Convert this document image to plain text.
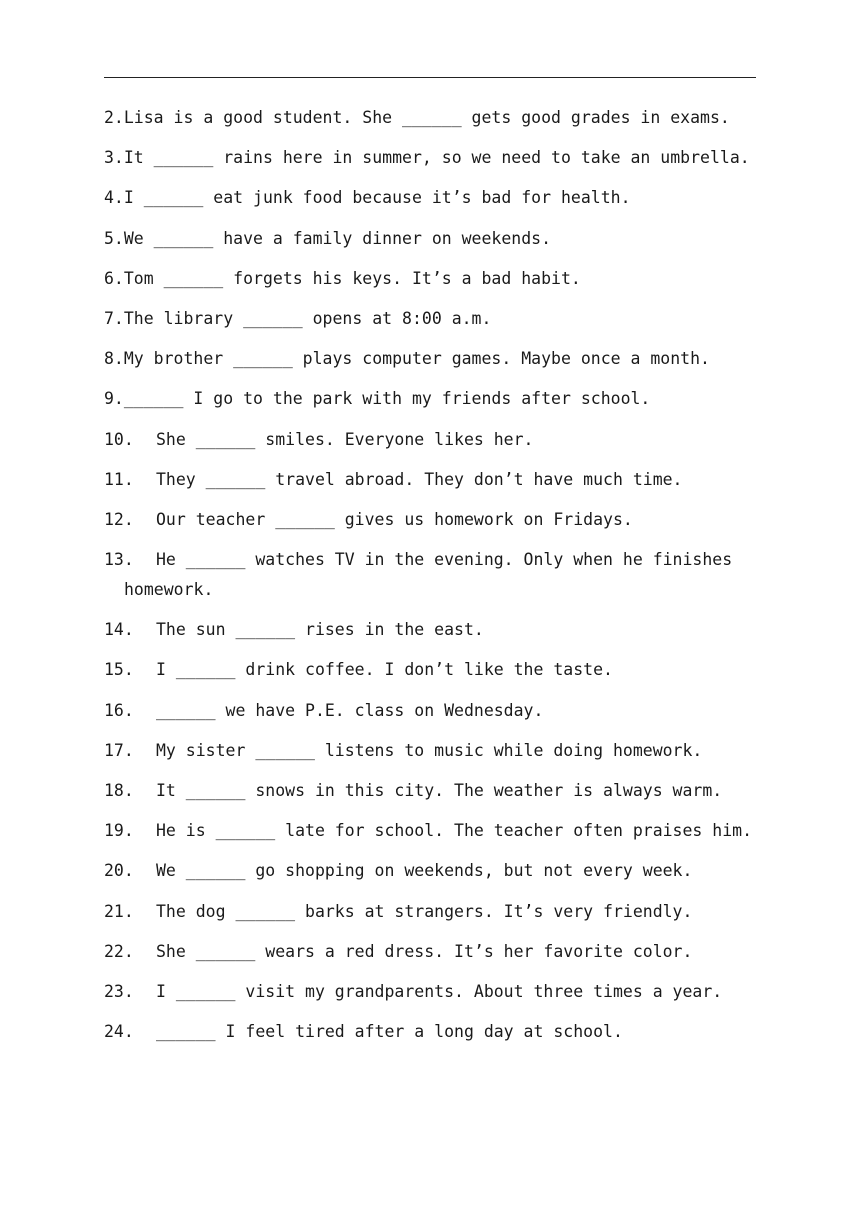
2. Lisa is a good student. She ______ gets good grades in exams.
3. It ______ rains here in summer, so we need to take an umbrella.
4. I ______ eat junk food because it’s bad for health.
5. We ______ have a family dinner on weekends.
6. Tom ______ forgets his keys. It’s a bad habit.
7. The library ______ opens at 8:00 a.m.
8. My brother ______ plays computer games. Maybe once a month.
9. ______ I go to the park with my friends after school.
10.	She ______ smiles. Everyone likes her.
11.	They ______ travel abroad. They don’t have much time.
12.	Our teacher ______ gives us homework on Fridays.
13.	He ______ watches TV in the evening. Only when he finishes
homework.
14.	The sun ______ rises in the east.
15.	I ______ drink coffee. I don’t like the taste.
16.	______ we have P.E. class on Wednesday.
17.	My sister ______ listens to music while doing homework.
18.	It ______ snows in this city. The weather is always warm.
19.	He is ______ late for school. The teacher often praises him.
20.	We ______ go shopping on weekends, but not every week.
21.	The dog ______ barks at strangers. It’s very friendly.
22.	She ______ wears a red dress. It’s her favorite color.
23.	I ______ visit my grandparents. About three times a year.
24.	______ I feel tired after a long day at school.
